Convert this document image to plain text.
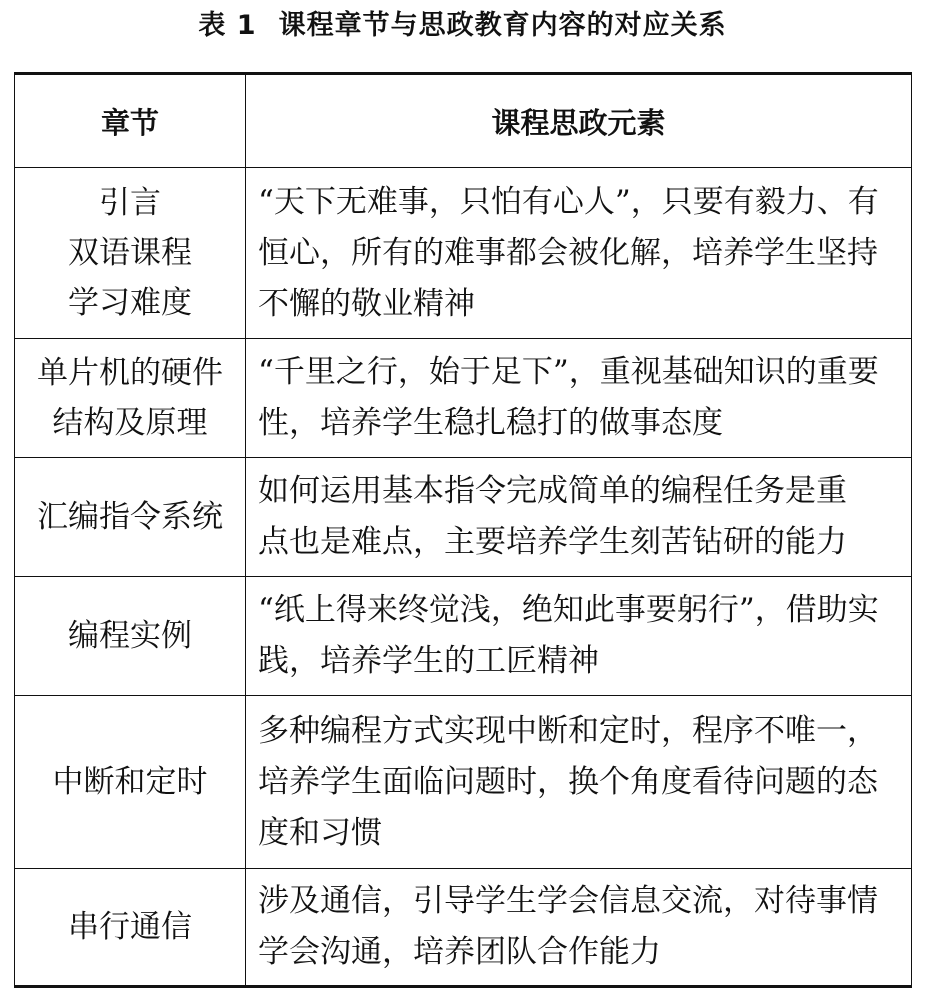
表 1 课程章节与思政教育内容的对应关系
章节	课程思政元素

引言
双语课程
学习难度	“天下无难事，只怕有心人”，只要有毅力、有
恒心，所有的难事都会被化解，培养学生坚持
不懈的敬业精神

单片机的硬件
结构及原理	“千里之行，始于足下”，重视基础知识的重要
性，培养学生稳扎稳打的做事态度

汇编指令系统	如何运用基本指令完成简单的编程任务是重
点也是难点，主要培养学生刻苦钻研的能力

编程实例	“纸上得来终觉浅，绝知此事要躬行”，借助实
践，培养学生的工匠精神

中断和定时	多种编程方式实现中断和定时，程序不唯一，
培养学生面临问题时，换个角度看待问题的态
度和习惯

串行通信	涉及通信，引导学生学会信息交流，对待事情
学会沟通，培养团队合作能力
